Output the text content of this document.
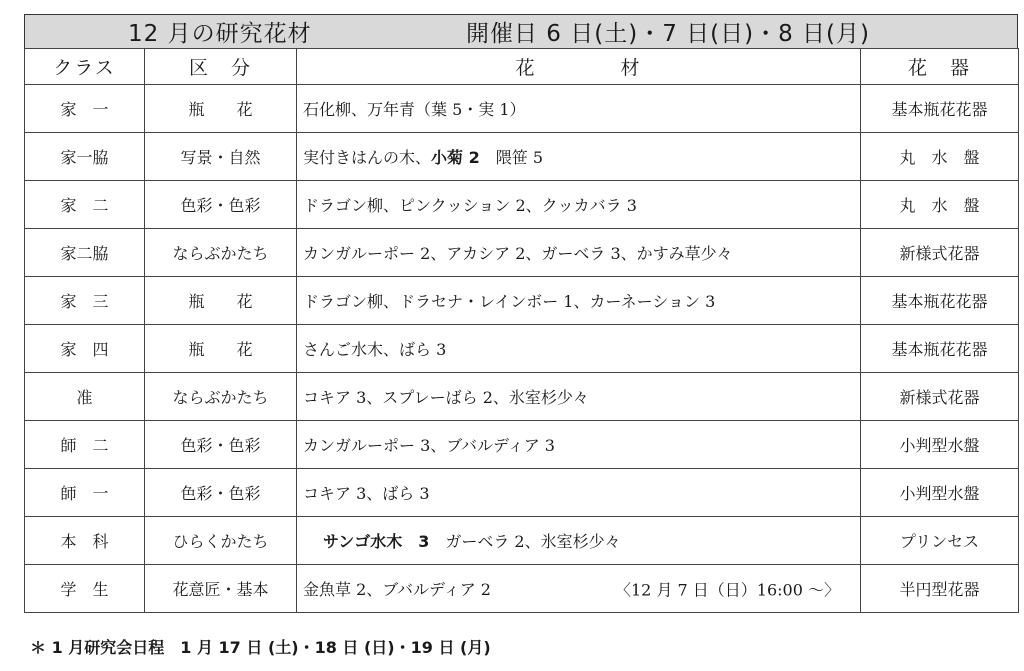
12 月の研究花材	開催日 6 日(土)・7 日(日)・8 日(月)
クラス	区　分	花　　　　材	花　器
家　一	瓶　　花	石化柳、万年青（葉 5・実 1）	基本瓶花花器
家一脇	写景・自然	実付きはんの木、小菊 2　隈笹 5	丸　水　盤
家　二	色彩・色彩	ドラゴン柳、ピンクッション 2、クッカバラ 3	丸　水　盤
家二脇	ならぶかたち	カンガルーポー 2、アカシア 2、ガーベラ 3、かすみ草少々	新様式花器
家　三	瓶　　花	ドラゴン柳、ドラセナ・レインボー 1、カーネーション 3	基本瓶花花器
家　四	瓶　　花	さんご水木、ばら 3	基本瓶花花器
准	ならぶかたち	コキア 3、スプレーばら 2、氷室杉少々	新様式花器
師　二	色彩・色彩	カンガルーポー 3、ブバルディア 3	小判型水盤
師　一	色彩・色彩	コキア 3、ばら 3	小判型水盤
本　科	ひらくかたち	サンゴ水木　3　ガーベラ 2、氷室杉少々	プリンセス
学　生	花意匠・基本	金魚草 2、ブバルディア 2 〈12 月 7 日（日）16:00 ～〉	半円型花器
＊ 1 月研究会日程　1 月 17 日 (土)・18 日 (日)・19 日 (月)
